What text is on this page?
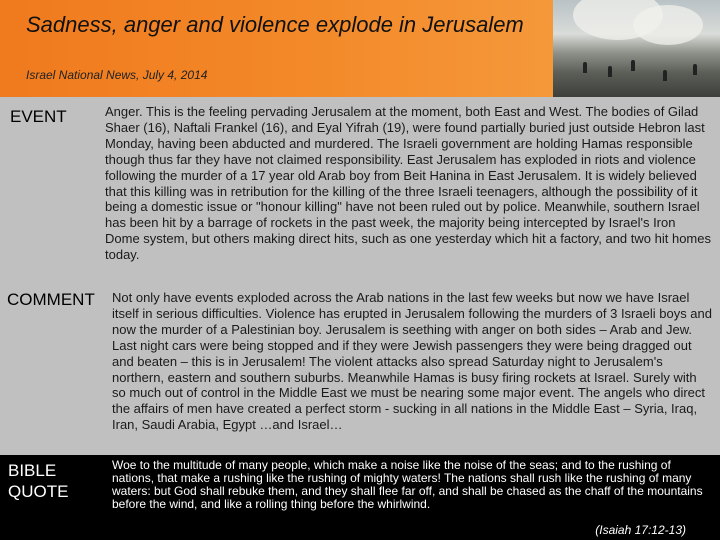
Sadness, anger and violence explode in Jerusalem
Israel National News, July 4, 2014
EVENT	Anger. This is the feeling pervading Jerusalem at the moment, both East and West. The bodies of Gilad Shaer (16), Naftali Frankel (16), and Eyal Yifrah (19), were found partially buried just outside Hebron last Monday, having been abducted and murdered. The Israeli government are holding Hamas responsible though thus far they have not claimed responsibility. East Jerusalem has exploded in riots and violence following the murder of a 17 year old Arab boy from Beit Hanina in East Jerusalem. It is widely believed that this killing was in retribution for the killing of the three Israeli teenagers, although the possibility of it being a domestic issue or "honour killing" have not been ruled out by police. Meanwhile, southern Israel has been hit by a barrage of rockets in the past week, the majority being intercepted by Israel's Iron Dome system, but others making direct hits, such as one yesterday which hit a factory, and two hit homes today.
COMMENT Not only have events exploded across the Arab nations in the last few weeks but now we have Israel itself in serious difficulties. Violence has erupted in Jerusalem following the murders of 3 Israeli boys and now the murder of a Palestinian boy. Jerusalem is seething with anger on both sides – Arab and Jew. Last night cars were being stopped and if they were Jewish passengers they were being dragged out and beaten – this is in Jerusalem! The violent attacks also spread Saturday night to Jerusalem's northern, eastern and southern suburbs. Meanwhile Hamas is busy firing rockets at Israel. Surely with so much out of control in the Middle East we must be nearing some major event. The angels who direct the affairs of men have created a perfect storm - sucking in all nations in the Middle East – Syria, Iraq, Iran, Saudi Arabia, Egypt …and Israel…
BIBLE QUOTE
Woe to the multitude of many people, which make a noise like the noise of the seas; and to the rushing of nations, that make a rushing like the rushing of mighty waters! The nations shall rush like the rushing of many waters: but God shall rebuke them, and they shall flee far off, and shall be chased as the chaff of the mountains before the wind, and like a rolling thing before the whirlwind.
(Isaiah 17:12-13)
